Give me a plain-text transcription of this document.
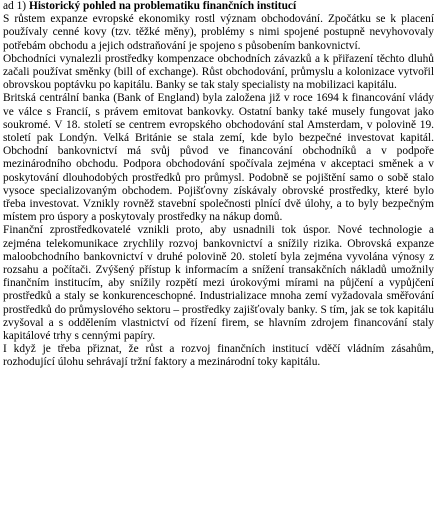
ad 1) Historický pohled na problematiku finančních institucí

S růstem expanze evropské ekonomiky rostl význam obchodování. Zpočátku se k placení používaly cenné kovy (tzv. těžké měny), problémy s nimi spojené postupně nevyhovovaly potřebám obchodu a jejich odstraňování je spojeno s působením bankovnictví.

Obchodníci vynalezli prostředky kompenzace obchodních závazků a k přiřazení těchto dluhů začali používat směnky (bill of exchange). Růst obchodování, průmyslu a kolonizace vytvořil obrovskou poptávku po kapitálu. Banky se tak staly specialisty na mobilizaci kapitálu.

Britská centrální banka (Bank of England) byla založena již v roce 1694 k financování vlády ve válce s Francií, s právem emitovat bankovky. Ostatní banky také musely fungovat jako soukromé. V 18. století se centrem evropského obchodování stal Amsterdam, v polovině 19. století pak Londýn. Velká Británie se stala zemí, kde bylo bezpečné investovat kapitál. Obchodní bankovnictví má svůj původ ve financování obchodníků a v podpoře mezinárodního obchodu. Podpora obchodování spočívala zejména v akceptaci směnek a v poskytování dlouhodobých prostředků pro průmysl. Podobně se pojištění samo o sobě stalo vysoce specializovaným obchodem. Pojišťovny získávaly obrovské prostředky, které bylo třeba investovat. Vznikly rovněž stavební společnosti plnící dvě úlohy, a to byly bezpečným místem pro úspory a poskytovaly prostředky na nákup domů.

Finanční zprostředkovatelé vznikli proto, aby usnadnili tok úspor. Nové technologie a zejména telekomunikace zrychlily rozvoj bankovnictví a snížily rizika. Obrovská expanze maloobchodního bankovnictví v druhé polovině 20. století byla zejména vyvolána výnosy z rozsahu a počítači. Zvýšený přístup k informacím a snížení transakčních nákladů umožnily finančním institucím, aby snížily rozpětí mezi úrokovými mírami na půjčení a vypůjčení prostředků a staly se konkurenceschopné. Industrializace mnoha zemí vyžadovala směřování prostředků do průmyslového sektoru – prostředky zajišťovaly banky. S tím, jak se tok kapitálu zvyšoval a s oddělením vlastnictví od řízení firem, se hlavním zdrojem financování staly kapitálové trhy s cennými papíry.

I když je třeba přiznat, že růst a rozvoj finančních institucí vděčí vládním zásahům, rozhodující úlohu sehrávají tržní faktory a mezinárodní toky kapitálu.
